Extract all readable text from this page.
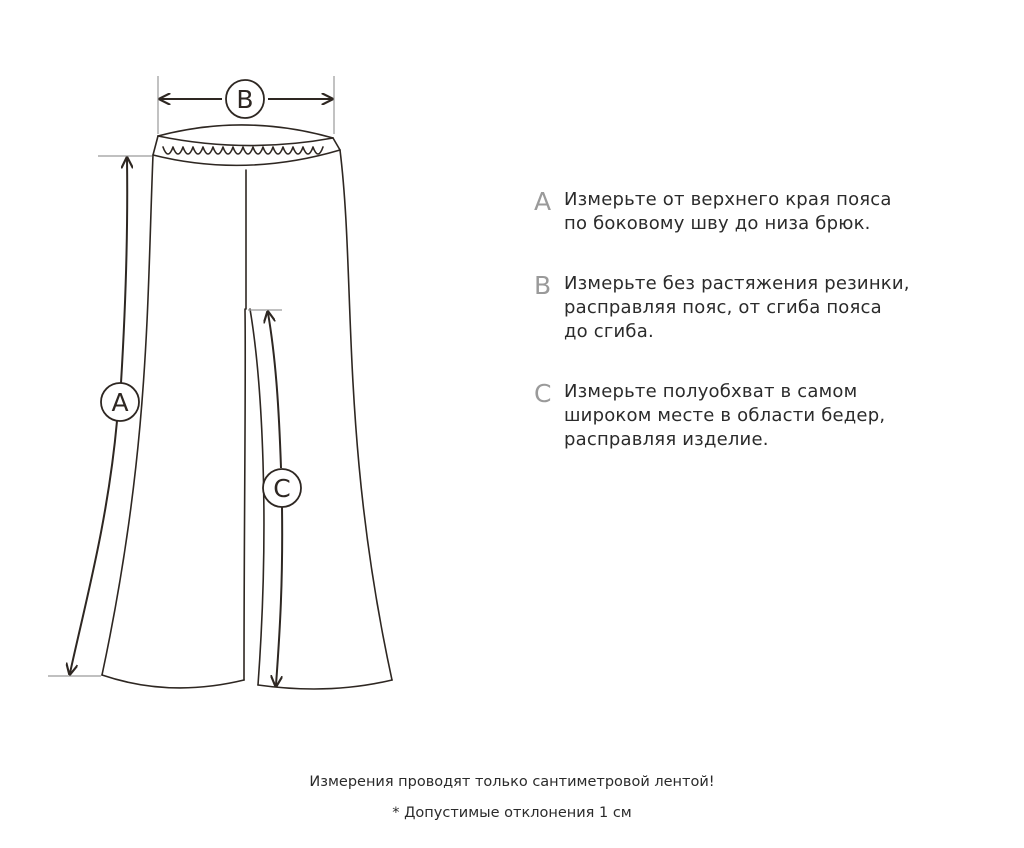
B
A
C
A Измерьте от верхнего края пояса
по боковому шву до низа брюк.
B Измерьте без растяжения резинки,
расправляя пояс, от сгиба пояса
до сгиба.
C Измерьте полуобхват в самом
широком месте в области бедер,
расправляя изделие.
Измерения проводят только сантиметровой лентой!
* Допустимые отклонения 1 см
